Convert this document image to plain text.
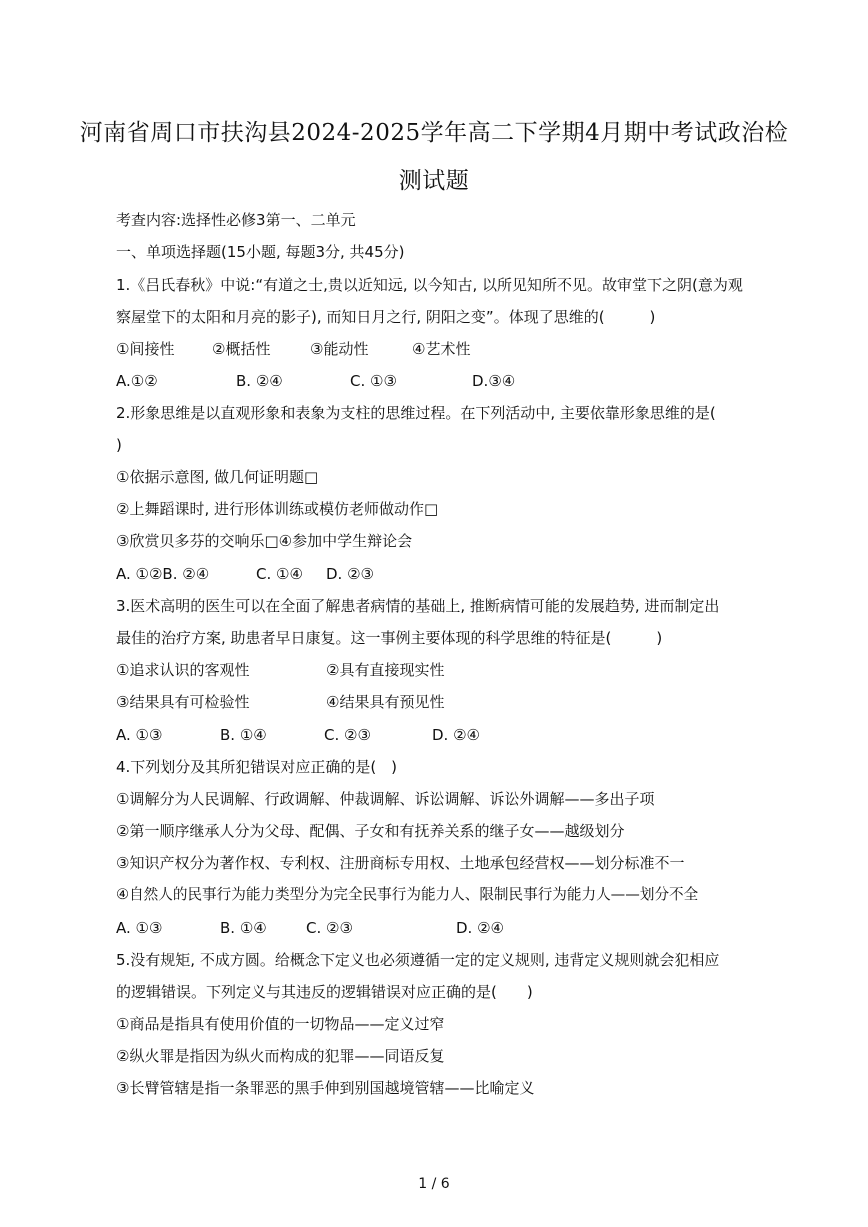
河南省周口市扶沟县2024-2025学年高二下学期4月期中考试政治检
测试题
考查内容:选择性必修3第一、二单元
一、单项选择题(15小题, 每题3分, 共45分)
1.《吕氏春秋》中说:“有道之士,贵以近知远, 以今知古, 以所见知所不见。故审堂下之阴(意为观
察屋堂下的太阳和月亮的影子), 而知日月之行, 阴阳之变”。体现了思维的(　　　)
①间接性	②概括性	③能动性	④艺术性
A.①②	B. ②④	C. ①③	D.③④
2.形象思维是以直观形象和表象为支柱的思维过程。在下列活动中, 主要依靠形象思维的是(
)
①依据示意图, 做几何证明题□
②上舞蹈课时, 进行形体训练或模仿老师做动作□
③欣赏贝多芬的交响乐□④参加中学生辩论会
A. ①②B. ②④	C. ①④ D. ②③
3.医术高明的医生可以在全面了解患者病情的基础上, 推断病情可能的发展趋势, 进而制定出
最佳的治疗方案, 助患者早日康复。这一事例主要体现的科学思维的特征是(　　　)
①追求认识的客观性	②具有直接现实性
③结果具有可检验性	④结果具有预见性
A. ①③	B. ①④	C. ②③	D. ②④
4.下列划分及其所犯错误对应正确的是(　)
①调解分为人民调解、行政调解、仲裁调解、诉讼调解、诉讼外调解——多出子项
②第一顺序继承人分为父母、配偶、子女和有抚养关系的继子女——越级划分
③知识产权分为著作权、专利权、注册商标专用权、土地承包经营权——划分标准不一
④自然人的民事行为能力类型分为完全民事行为能力人、限制民事行为能力人——划分不全
A. ①③	B. ①④	C. ②③	D. ②④
5.没有规矩, 不成方圆。给概念下定义也必须遵循一定的定义规则, 违背定义规则就会犯相应
的逻辑错误。下列定义与其违反的逻辑错误对应正确的是(　　)
①商品是指具有使用价值的一切物品——定义过窄
②纵火罪是指因为纵火而构成的犯罪——同语反复
③长臂管辖是指一条罪恶的黑手伸到别国越境管辖——比喻定义
1 / 6
